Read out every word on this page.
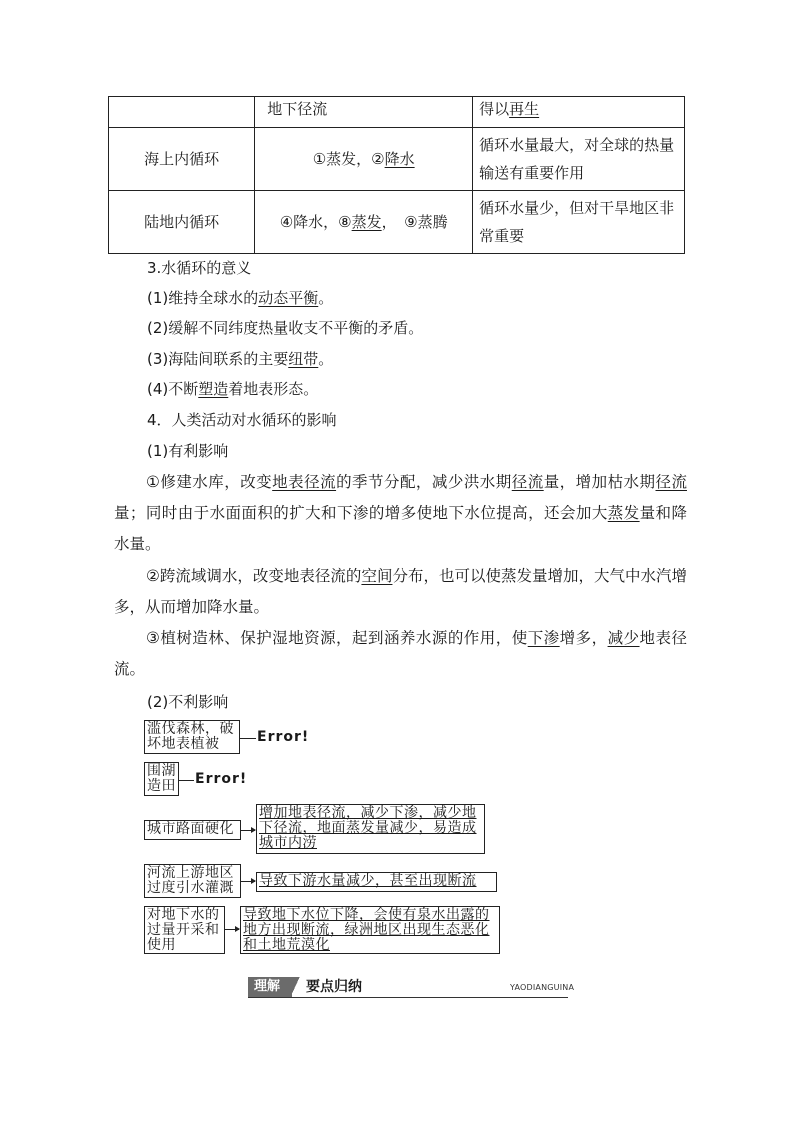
	地下径流	得以再生
海上内循环	①蒸发，②降水	循环水量最大，对全球的热量输送有重要作用
陆地内循环	④降水，⑧蒸发，　⑨蒸腾	循环水量少，但对干旱地区非常重要
3.水循环的意义
(1)维持全球水的动态平衡。
(2)缓解不同纬度热量收支不平衡的矛盾。
(3)海陆间联系的主要纽带。
(4)不断塑造着地表形态。
4．人类活动对水循环的影响
(1)有利影响
①修建水库，改变地表径流的季节分配，减少洪水期径流量，增加枯水期径流量；同时由于水面面积的扩大和下渗的增多使地下水位提高，还会加大蒸发量和降水量。
②跨流域调水，改变地表径流的空间分布，也可以使蒸发量增加，大气中水汽增多，从而增加降水量。
③植树造林、保护湿地资源，起到涵养水源的作用，使下渗增多，减少地表径流。
(2)不利影响
滥伐森林，破坏地表植被	Error!
围湖造田 Error!
城市路面硬化
增加地表径流，减少下渗，减少地下径流，地面蒸发量减少，易造成城市内涝
河流上游地区过度引水灌溉	导致下游水量减少，甚至出现断流
对地下水的过量开采和使用
导致地下水位下降，会使有泉水出露的地方出现断流，绿洲地区出现生态恶化和土地荒漠化
理解	要点归纳	YAODIANGUINA
